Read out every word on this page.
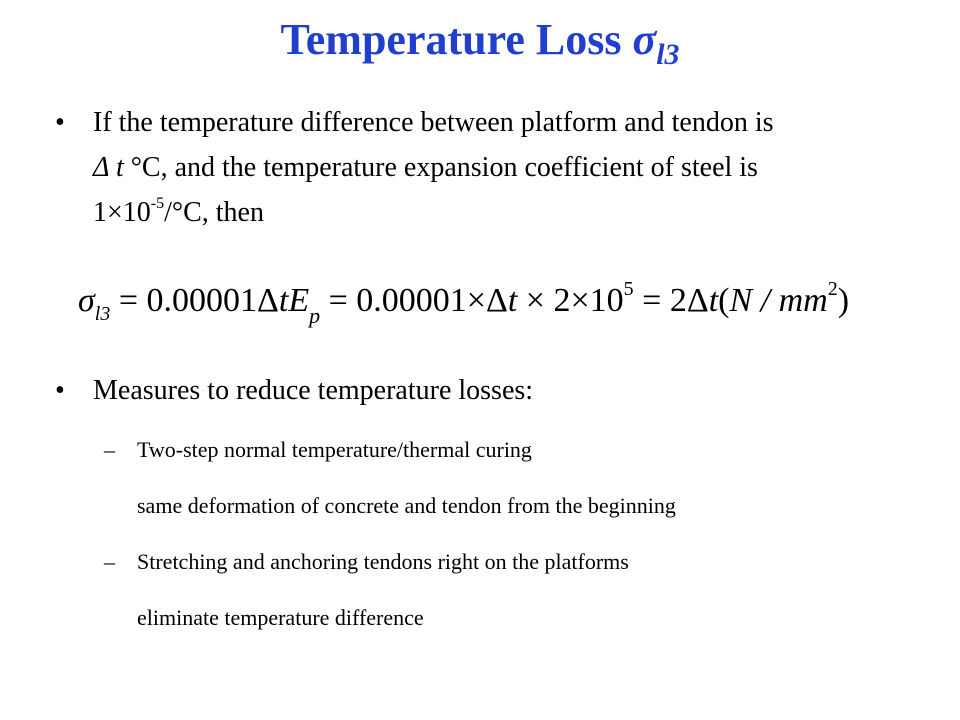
Temperature Loss $\sigma_{l3}$
• If the temperature difference between platform and tendon is
Δ t °C, and the temperature expansion coefficient of steel is
$1\times 10^{-5}/^\circ C$, then
$\sigma_{l3} = 0.00001\Delta tE_p = 0.00001\times\Delta t \times 2\times 10^5 = 2\Delta t(N / mm^2)$
• Measures to reduce temperature losses:
– Two-step normal temperature/thermal curing
same deformation of concrete and tendon from the beginning
– Stretching and anchoring tendons right on the platforms
eliminate temperature difference
